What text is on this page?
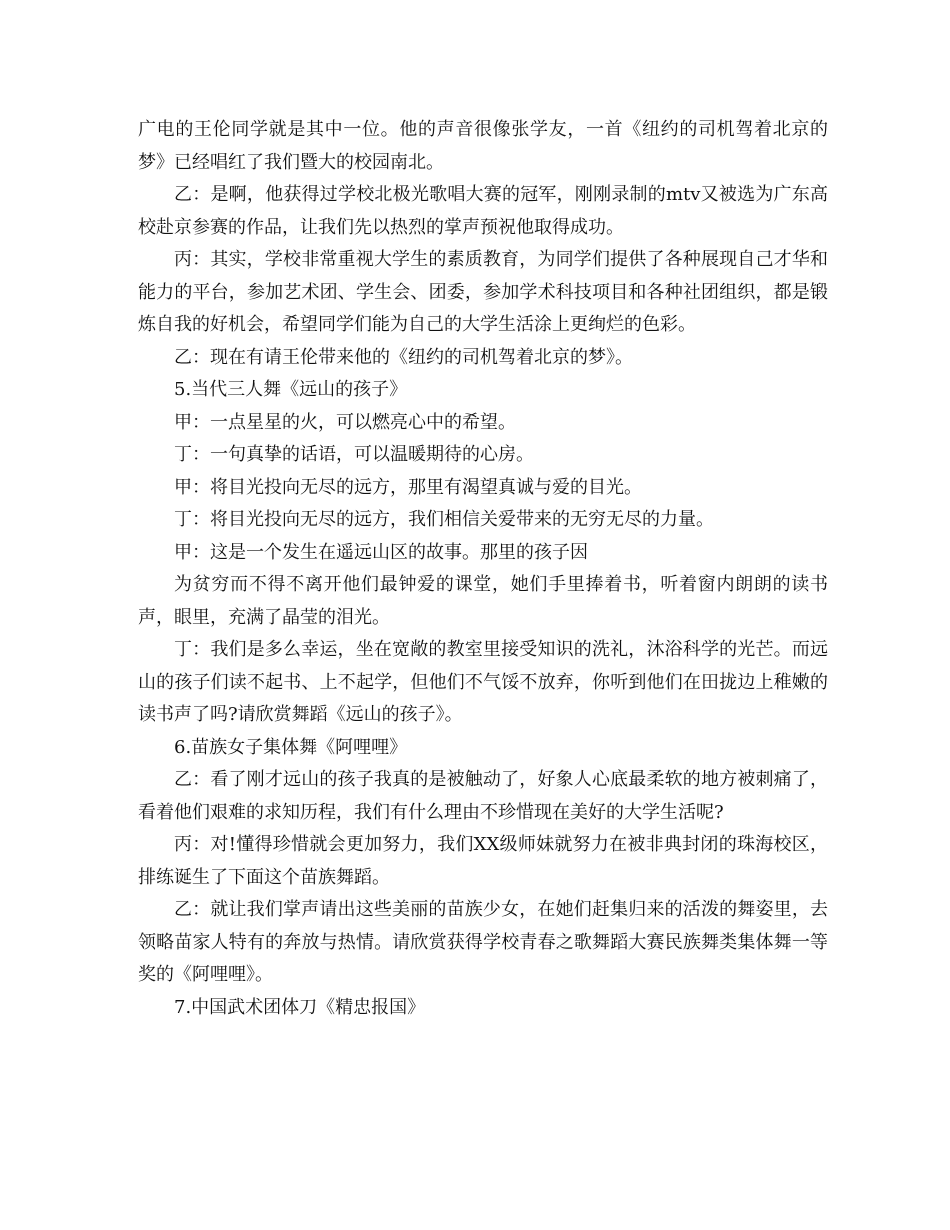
广电的王伦同学就是其中一位。他的声音很像张学友，一首《纽约的司机驾着北京的梦》已经唱红了我们暨大的校园南北。

乙：是啊，他获得过学校北极光歌唱大赛的冠军，刚刚录制的mtv又被选为广东高校赴京参赛的作品，让我们先以热烈的掌声预祝他取得成功。

丙：其实，学校非常重视大学生的素质教育，为同学们提供了各种展现自己才华和能力的平台，参加艺术团、学生会、团委，参加学术科技项目和各种社团组织，都是锻炼自我的好机会，希望同学们能为自己的大学生活涂上更绚烂的色彩。

乙：现在有请王伦带来他的《纽约的司机驾着北京的梦》。

5.当代三人舞《远山的孩子》

甲：一点星星的火，可以燃亮心中的希望。

丁：一句真挚的话语，可以温暖期待的心房。

甲：将目光投向无尽的远方，那里有渴望真诚与爱的目光。

丁：将目光投向无尽的远方，我们相信关爱带来的无穷无尽的力量。

甲：这是一个发生在遥远山区的故事。那里的孩子因

为贫穷而不得不离开他们最钟爱的课堂，她们手里捧着书，听着窗内朗朗的读书声，眼里，充满了晶莹的泪光。

丁：我们是多么幸运，坐在宽敞的教室里接受知识的洗礼，沐浴科学的光芒。而远山的孩子们读不起书、上不起学，但他们不气馁不放弃，你听到他们在田拢边上稚嫩的读书声了吗?请欣赏舞蹈《远山的孩子》。

6.苗族女子集体舞《阿哩哩》

乙：看了刚才远山的孩子我真的是被触动了，好象人心底最柔软的地方被刺痛了，看着他们艰难的求知历程，我们有什么理由不珍惜现在美好的大学生活呢?

丙：对!懂得珍惜就会更加努力，我们XX级师妹就努力在被非典封闭的珠海校区，排练诞生了下面这个苗族舞蹈。

乙：就让我们掌声请出这些美丽的苗族少女，在她们赶集归来的活泼的舞姿里，去领略苗家人特有的奔放与热情。请欣赏获得学校青春之歌舞蹈大赛民族舞类集体舞一等奖的《阿哩哩》。

7.中国武术团体刀《精忠报国》
